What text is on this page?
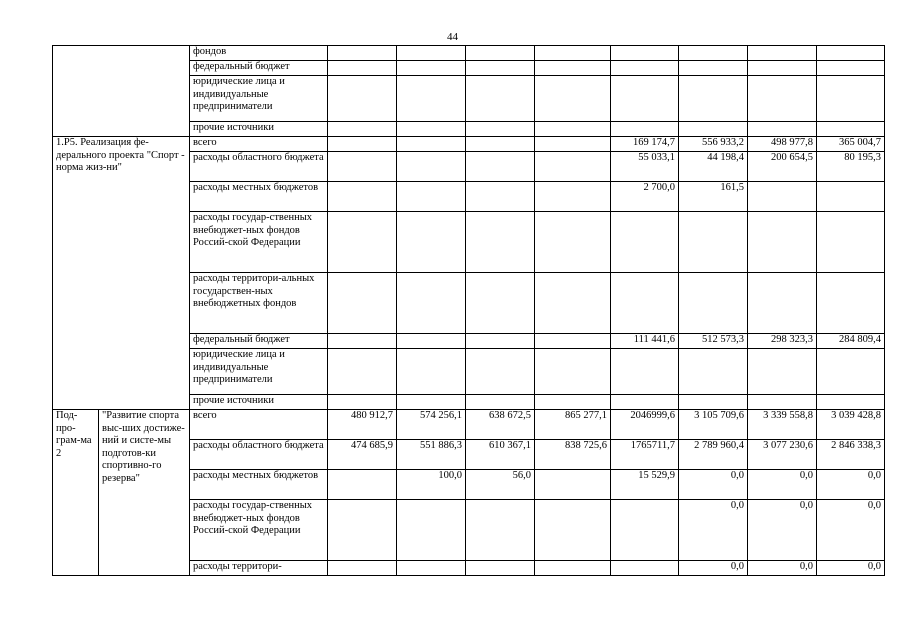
44
		фондов								
		федеральный бюджет								
		юридические лица и индивидуальные предприниматели								
		прочие источники								
1.Р5. Реализация фе-дерального проекта "Спорт - норма жиз-ни"		всего					169 174,7	556 933,2	498 977,8	365 004,7
		расходы областного бюджета					55 033,1	44 198,4	200 654,5	80 195,3
		расходы местных бюджетов					2 700,0	161,5		
		расходы государ-ственных внебюджет-ных фондов Россий-ской Федерации								
		расходы территори-альных государствен-ных внебюджетных фондов								
		федеральный бюджет					111 441,6	512 573,3	298 323,3	284 809,4
		юридические лица и индивидуальные предприниматели								
		прочие источники								
Под-про-грам-ма 2	"Развитие спорта выс-ших достиже-ний и систе-мы подготов-ки спортивно-го резерва"	всего	480 912,7	574 256,1	638 672,5	865 277,1	2046999,6	3 105 709,6	3 339 558,8	3 039 428,8
		расходы областного бюджета	474 685,9	551 886,3	610 367,1	838 725,6	1765711,7	2 789 960,4	3 077 230,6	2 846 338,3
		расходы местных бюджетов		100,0	56,0		15 529,9	0,0	0,0	0,0
		расходы государ-ственных внебюджет-ных фондов Россий-ской Федерации						0,0	0,0	0,0
		расходы территори-						0,0	0,0	0,0
